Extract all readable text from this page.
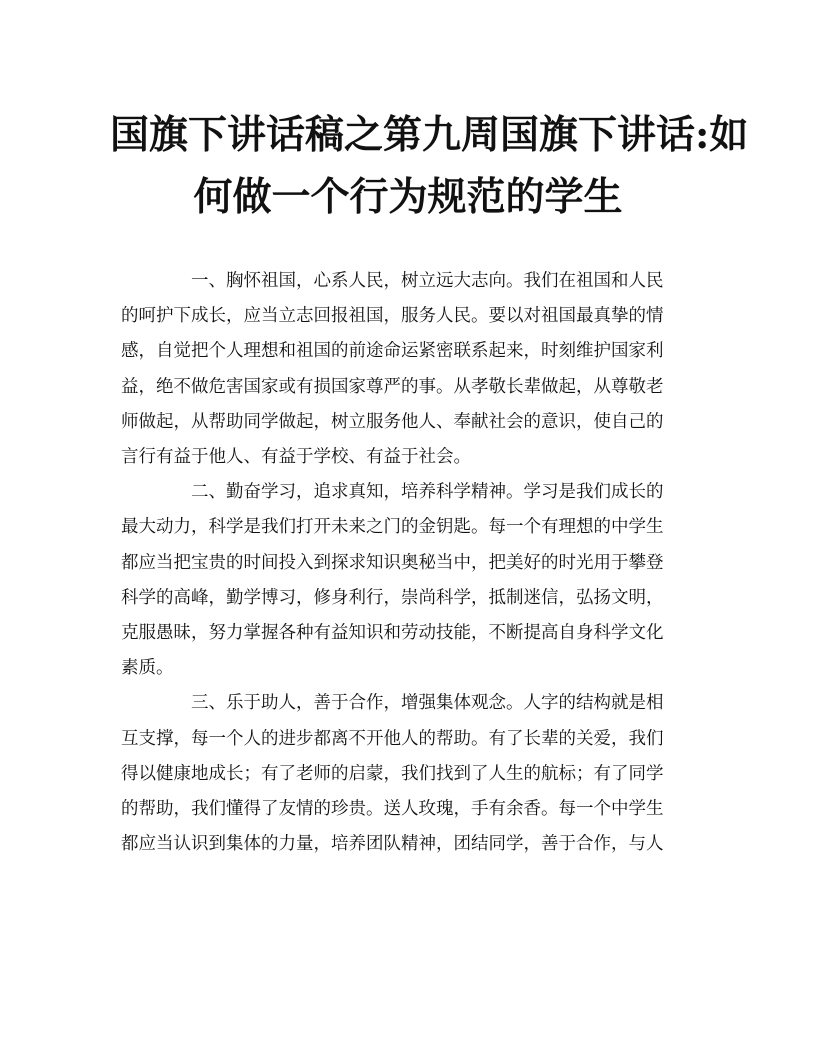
国旗下讲话稿之第九周国旗下讲话:如
何做一个行为规范的学生

一、胸怀祖国，心系人民，树立远大志向。我们在祖国和人民
的呵护下成长，应当立志回报祖国，服务人民。要以对祖国最真挚的情
感，自觉把个人理想和祖国的前途命运紧密联系起来，时刻维护国家利
益，绝不做危害国家或有损国家尊严的事。从孝敬长辈做起，从尊敬老
师做起，从帮助同学做起，树立服务他人、奉献社会的意识，使自己的
言行有益于他人、有益于学校、有益于社会。

二、勤奋学习，追求真知，培养科学精神。学习是我们成长的
最大动力，科学是我们打开未来之门的金钥匙。每一个有理想的中学生
都应当把宝贵的时间投入到探求知识奥秘当中，把美好的时光用于攀登
科学的高峰，勤学博习，修身利行，崇尚科学，抵制迷信，弘扬文明，
克服愚昧，努力掌握各种有益知识和劳动技能，不断提高自身科学文化
素质。

三、乐于助人，善于合作，增强集体观念。人字的结构就是相
互支撑，每一个人的进步都离不开他人的帮助。有了长辈的关爱，我们
得以健康地成长；有了老师的启蒙，我们找到了人生的航标；有了同学
的帮助，我们懂得了友情的珍贵。送人玫瑰，手有余香。每一个中学生
都应当认识到集体的力量，培养团队精神，团结同学，善于合作，与人
